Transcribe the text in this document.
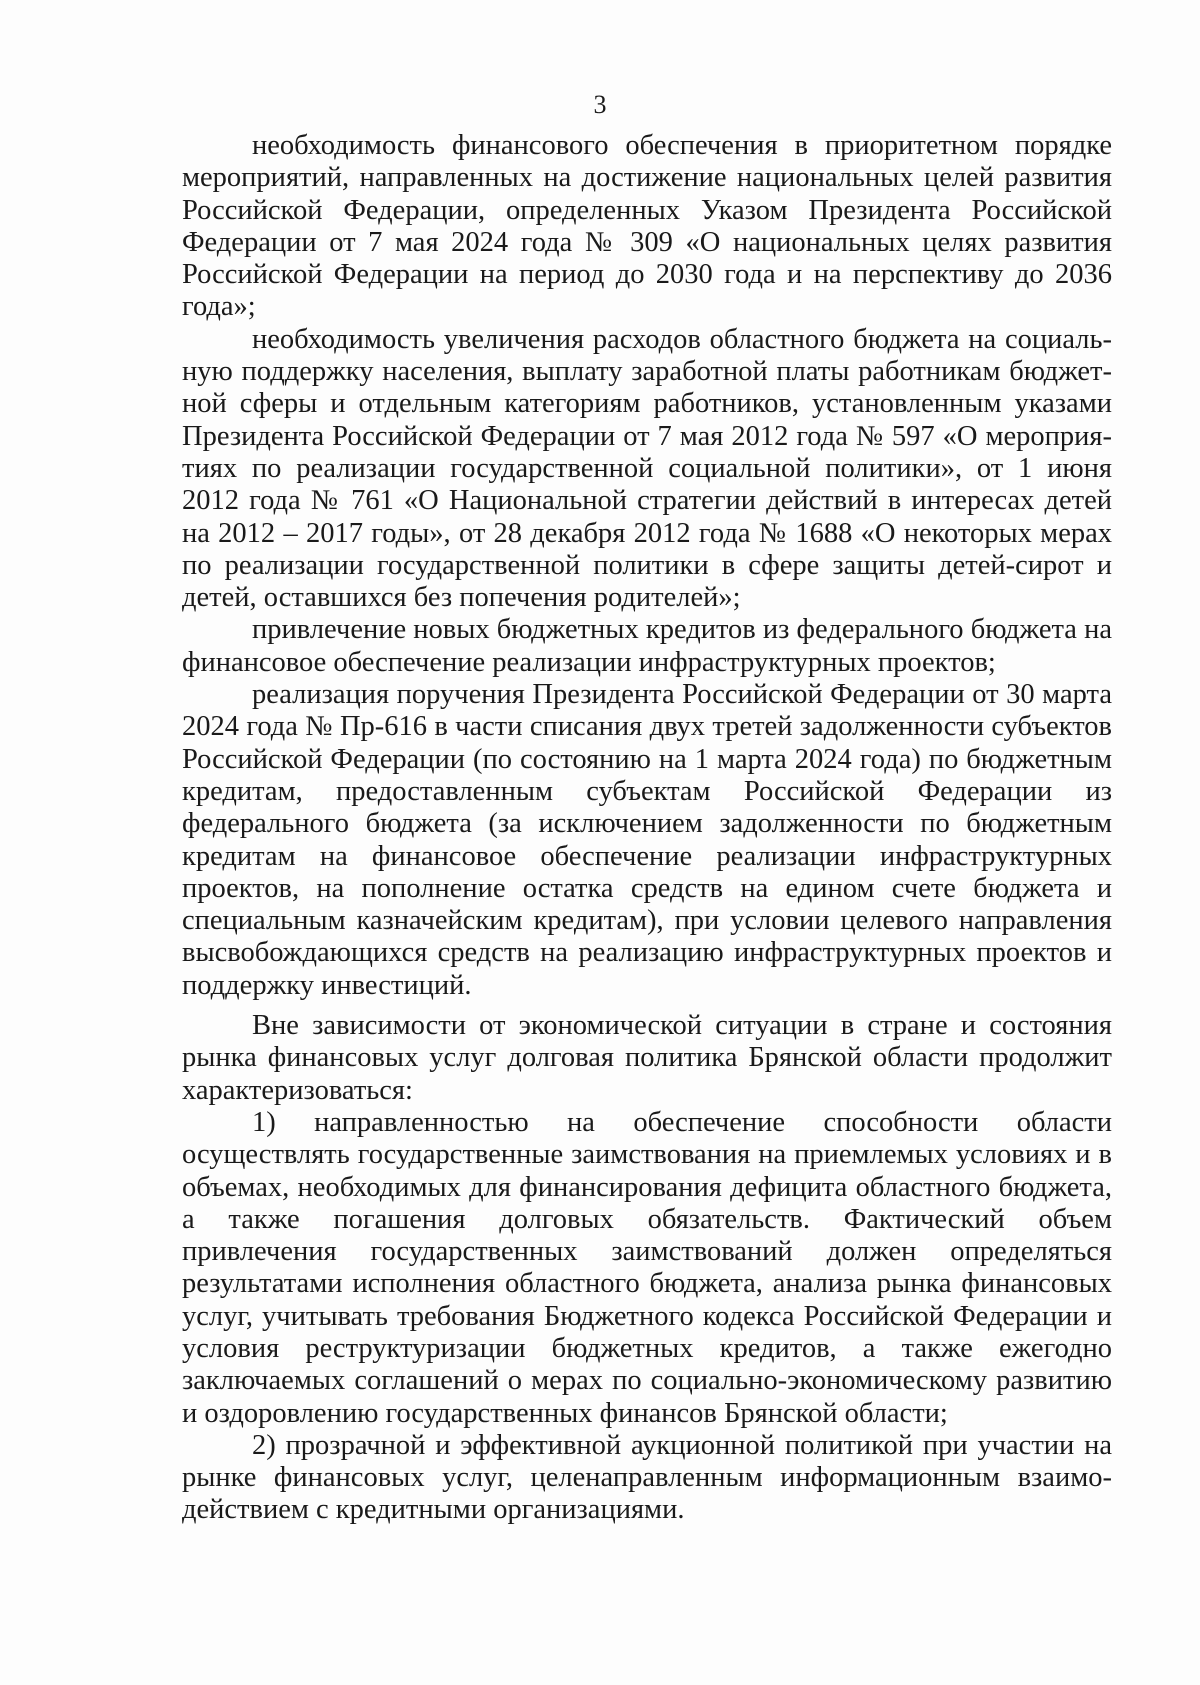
3

необходимость финансового обеспечения в приоритетном порядке мероприятий, направленных на достижение национальных целей развития Российской Федерации, определенных Указом Президента Российской Федерации от 7 мая 2024 года № 309 «О национальных целях развития Российской Федерации на период до 2030 года и на перспективу до 2036 года»;

необходимость увеличения расходов областного бюджета на социальную поддержку населения, выплату заработной платы работникам бюджетной сферы и отдельным категориям работников, установленным указами Президента Российской Федерации от 7 мая 2012 года № 597 «О мероприятиях по реализации государственной социальной политики», от 1 июня 2012 года № 761 «О Национальной стратегии действий в интересах детей на 2012 – 2017 годы», от 28 декабря 2012 года № 1688 «О некоторых мерах по реализации государственной политики в сфере защиты детей-сирот и детей, оставшихся без попечения родителей»;

привлечение новых бюджетных кредитов из федерального бюджета на финансовое обеспечение реализации инфраструктурных проектов;

реализация поручения Президента Российской Федерации от 30 марта 2024 года № Пр-616 в части списания двух третей задолженности субъектов Российской Федерации (по состоянию на 1 марта 2024 года) по бюджетным кредитам, предоставленным субъектам Российской Федерации из федерального бюджета (за исключением задолженности по бюджетным кредитам на финансовое обеспечение реализации инфраструктурных проектов, на пополнение остатка средств на едином счете бюджета и специальным казначейским кредитам), при условии целевого направления высвобождающихся средств на реализацию инфраструктурных проектов и поддержку инвестиций.

Вне зависимости от экономической ситуации в стране и состояния рынка финансовых услуг долговая политика Брянской области продолжит характеризоваться:

1) направленностью на обеспечение способности области осуществлять государственные заимствования на приемлемых условиях и в объемах, необходимых для финансирования дефицита областного бюджета, а также погашения долговых обязательств. Фактический объем привлечения государственных заимствований должен определяться результатами исполнения областного бюджета, анализа рынка финансовых услуг, учитывать требования Бюджетного кодекса Российской Федерации и условия реструктуризации бюджетных кредитов, а также ежегодно заключаемых соглашений о мерах по социально-экономическому развитию и оздоровлению государственных финансов Брянской области;

2) прозрачной и эффективной аукционной политикой при участии на рынке финансовых услуг, целенаправленным информационным взаимодействием с кредитными организациями.
